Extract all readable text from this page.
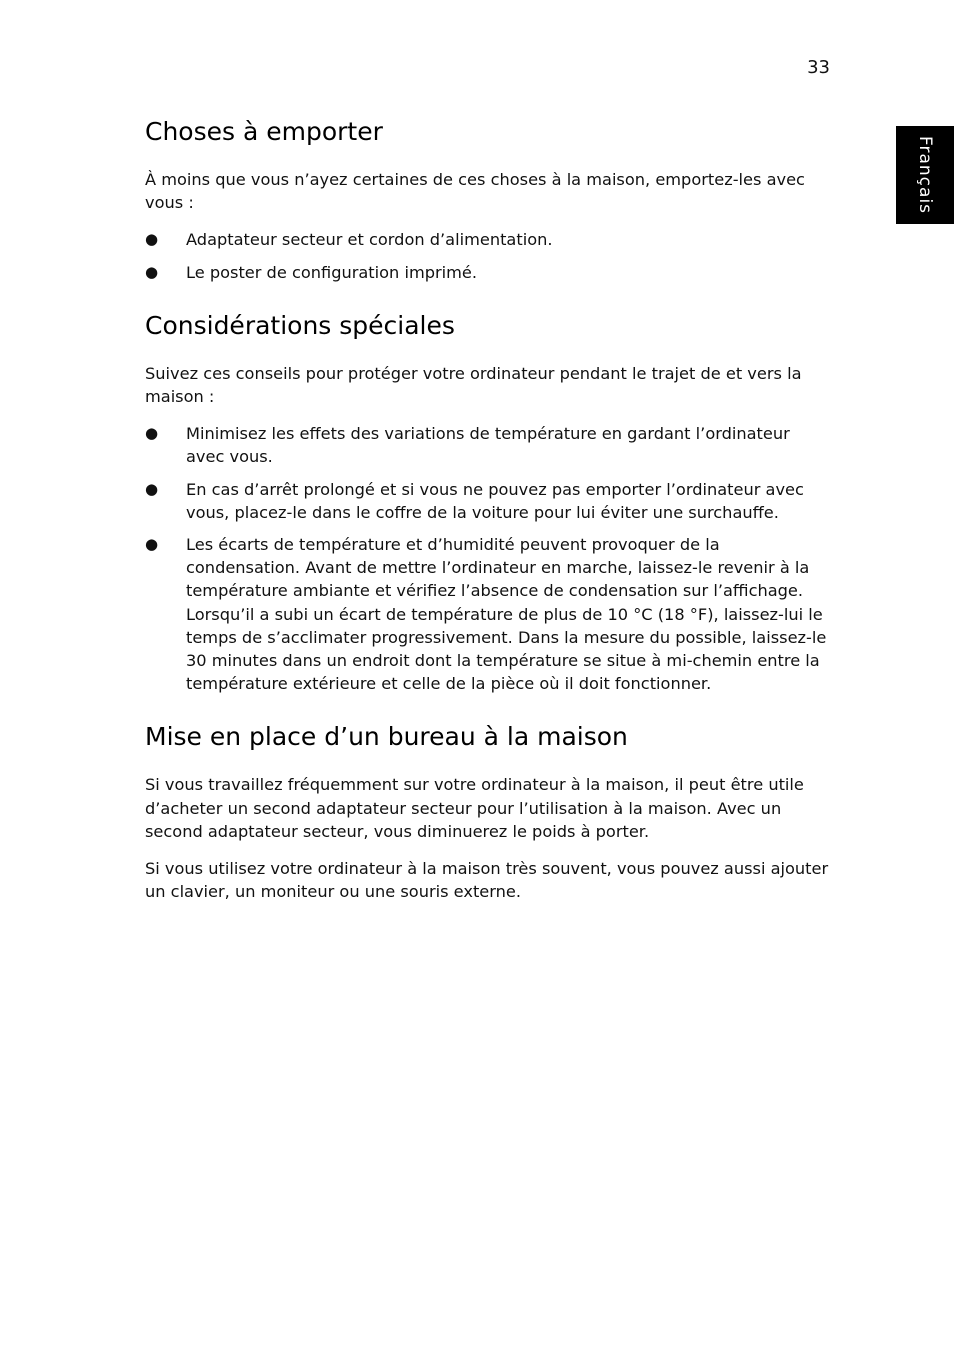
33
Français
Choses à emporter

À moins que vous n’ayez certaines de ces choses à la maison, emportez-les avec vous :

● Adaptateur secteur et cordon d’alimentation.
● Le poster de configuration imprimé.
Considérations spéciales

Suivez ces conseils pour protéger votre ordinateur pendant le trajet de et vers la maison :

● Minimisez les effets des variations de température en gardant l’ordinateur avec vous.
● En cas d’arrêt prolongé et si vous ne pouvez pas emporter l’ordinateur avec vous, placez-le dans le coffre de la voiture pour lui éviter une surchauffe.
● Les écarts de température et d’humidité peuvent provoquer de la condensation. Avant de mettre l’ordinateur en marche, laissez-le revenir à la température ambiante et vérifiez l’absence de condensation sur l’affichage. Lorsqu’il a subi un écart de température de plus de 10 °C (18 °F), laissez-lui le temps de s’acclimater progressivement. Dans la mesure du possible, laissez-le 30 minutes dans un endroit dont la température se situe à mi-chemin entre la température extérieure et celle de la pièce où il doit fonctionner.
Mise en place d’un bureau à la maison

Si vous travaillez fréquemment sur votre ordinateur à la maison, il peut être utile d’acheter un second adaptateur secteur pour l’utilisation à la maison. Avec un second adaptateur secteur, vous diminuerez le poids à porter.

Si vous utilisez votre ordinateur à la maison très souvent, vous pouvez aussi ajouter un clavier, un moniteur ou une souris externe.
